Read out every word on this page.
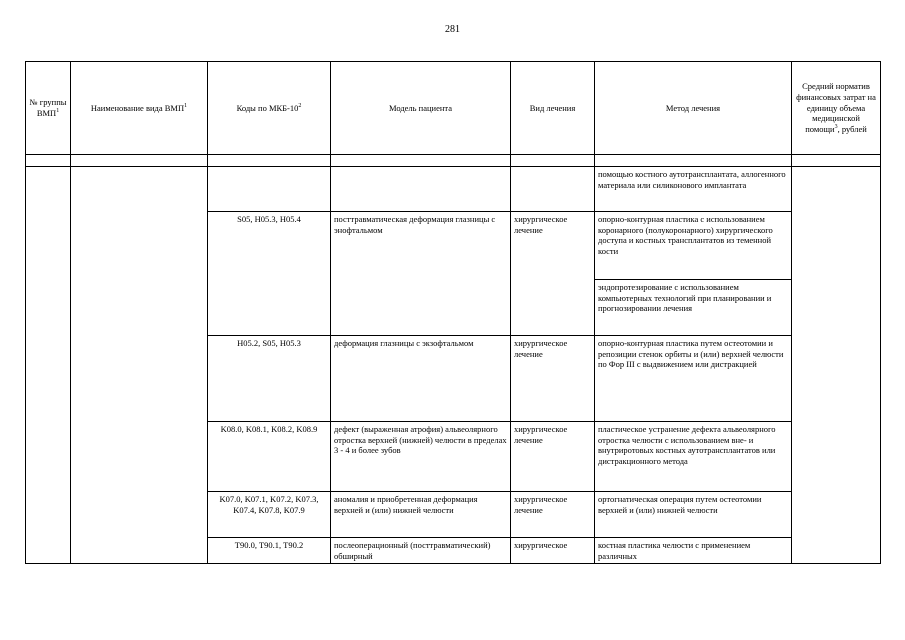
281
№ группы ВМП$^1$	Наименование вида ВМП$^1$	Коды по МКБ-$10^2$	Модель пациента	Вид лечения	Метод лечения	Средний норматив финансовых затрат на единицу объема медицинской помощи$^3$, рублей

					помощью костного аутотрансплантата, аллогенного материала или силиконового имплантата	
		S05, H05.3, H05.4	посттравматическая деформация глазницы с энофтальмом	хирургическое лечение	опорно-контурная пластика с использованием коронарного (полукоронарного) хирургического доступа и костных трансплантатов из теменной кости	
					эндопротезирование с использованием компьютерных технологий при планировании и прогнозировании лечения	
		H05.2, S05, H05.3	деформация глазницы с экзофтальмом	хирургическое лечение	опорно-контурная пластика путем остеотомии и репозиции стенок орбиты и (или) верхней челюсти по Фор III с выдвижением или дистракцией	
		K08.0, K08.1, K08.2, K08.9	дефект (выраженная атрофия) альвеолярного отростка верхней (нижней) челюсти в пределах 3 - 4 и более зубов	хирургическое лечение	пластическое устранение дефекта альвеолярного отростка челюсти с использованием вне- и внутриротовых костных аутотрансплантатов или дистракционного метода	
		K07.0, K07.1, K07.2, K07.3, K07.4, K07.8, K07.9	аномалия и приобретенная деформация верхней и (или) нижней челюсти	хирургическое лечение	ортогнатическая операция путем остеотомии верхней и (или) нижней челюсти	
		T90.0, T90.1, T90.2	послеоперационный (посттравматический) обширный	хирургическое	костная пластика челюсти с применением различных	
